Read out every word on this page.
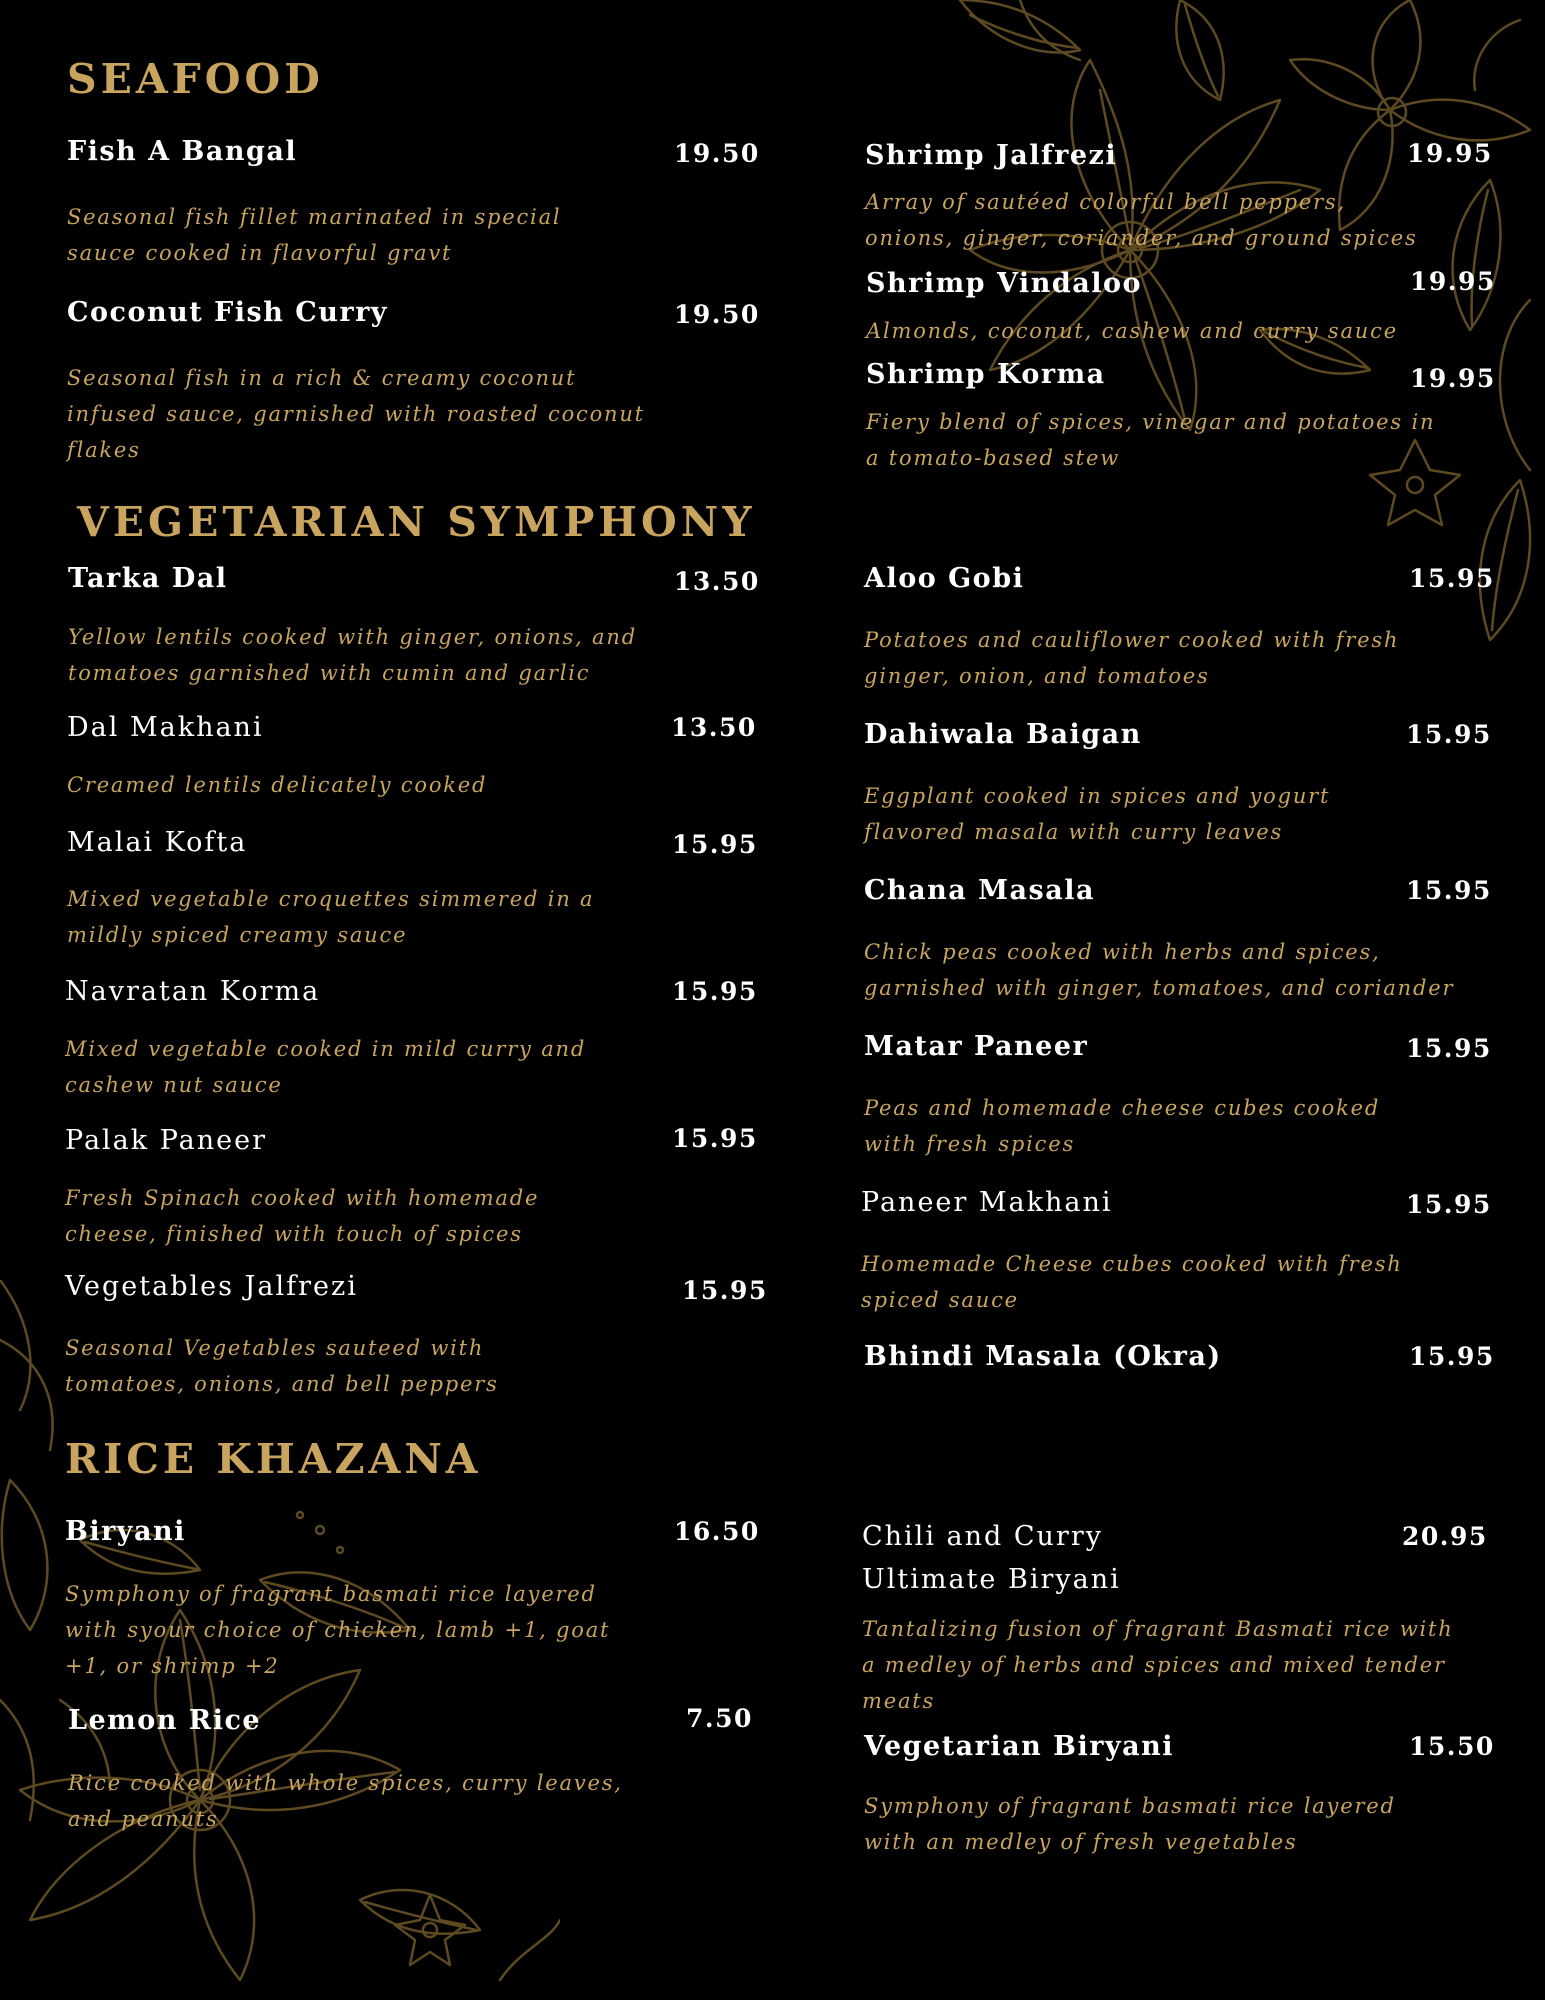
SEAFOOD
VEGETARIAN SYMPHONY
RICE KHAZANA
Fish A Bangal	19.50

Seasonal fish fillet marinated in special sauce cooked in flavorful gravt

Coconut Fish Curry	19.50

Seasonal fish in a rich & creamy coconut infused sauce, garnished with roasted coconut flakes

Shrimp Jalfrezi	19.95

Array of sautéed colorful bell peppers, onions, ginger, coriander, and ground spices

Shrimp Vindaloo	19.95

Almonds, coconut, cashew and curry sauce

Shrimp Korma	19.95

Fiery blend of spices, vinegar and potatoes in a tomato-based stew

Tarka Dal	13.50

Yellow lentils cooked with ginger, onions, and tomatoes garnished with cumin and garlic

Dal Makhani	13.50

Creamed lentils delicately cooked

Malai Kofta	15.95

Mixed vegetable croquettes simmered in a mildly spiced creamy sauce

Navratan Korma	15.95

Mixed vegetable cooked in mild curry and cashew nut sauce

Palak Paneer	15.95

Fresh Spinach cooked with homemade cheese, finished with touch of spices

Vegetables Jalfrezi	15.95

Seasonal Vegetables sauteed with tomatoes, onions, and bell peppers

Aloo Gobi	15.95

Potatoes and cauliflower cooked with fresh ginger, onion, and tomatoes

Dahiwala Baigan	15.95

Eggplant cooked in spices and yogurt flavored masala with curry leaves

Chana Masala	15.95

Chick peas cooked with herbs and spices, garnished with ginger, tomatoes, and coriander

Matar Paneer	15.95

Peas and homemade cheese cubes cooked with fresh spices

Paneer Makhani	15.95

Homemade Cheese cubes cooked with fresh spiced sauce

Bhindi Masala (Okra)	15.95
Biryani	16.50

Symphony of fragrant basmati rice layered with syour choice of chicken, lamb +1, goat +1, or shrimp +2

Lemon Rice	7.50

Rice cooked with whole spices, curry leaves, and peanuts

Chili and Curry Ultimate Biryani
20.95

Tantalizing fusion of fragrant Basmati rice with a medley of herbs and spices and mixed tender meats

Vegetarian Biryani	15.50

Symphony of fragrant basmati rice layered with an medley of fresh vegetables
